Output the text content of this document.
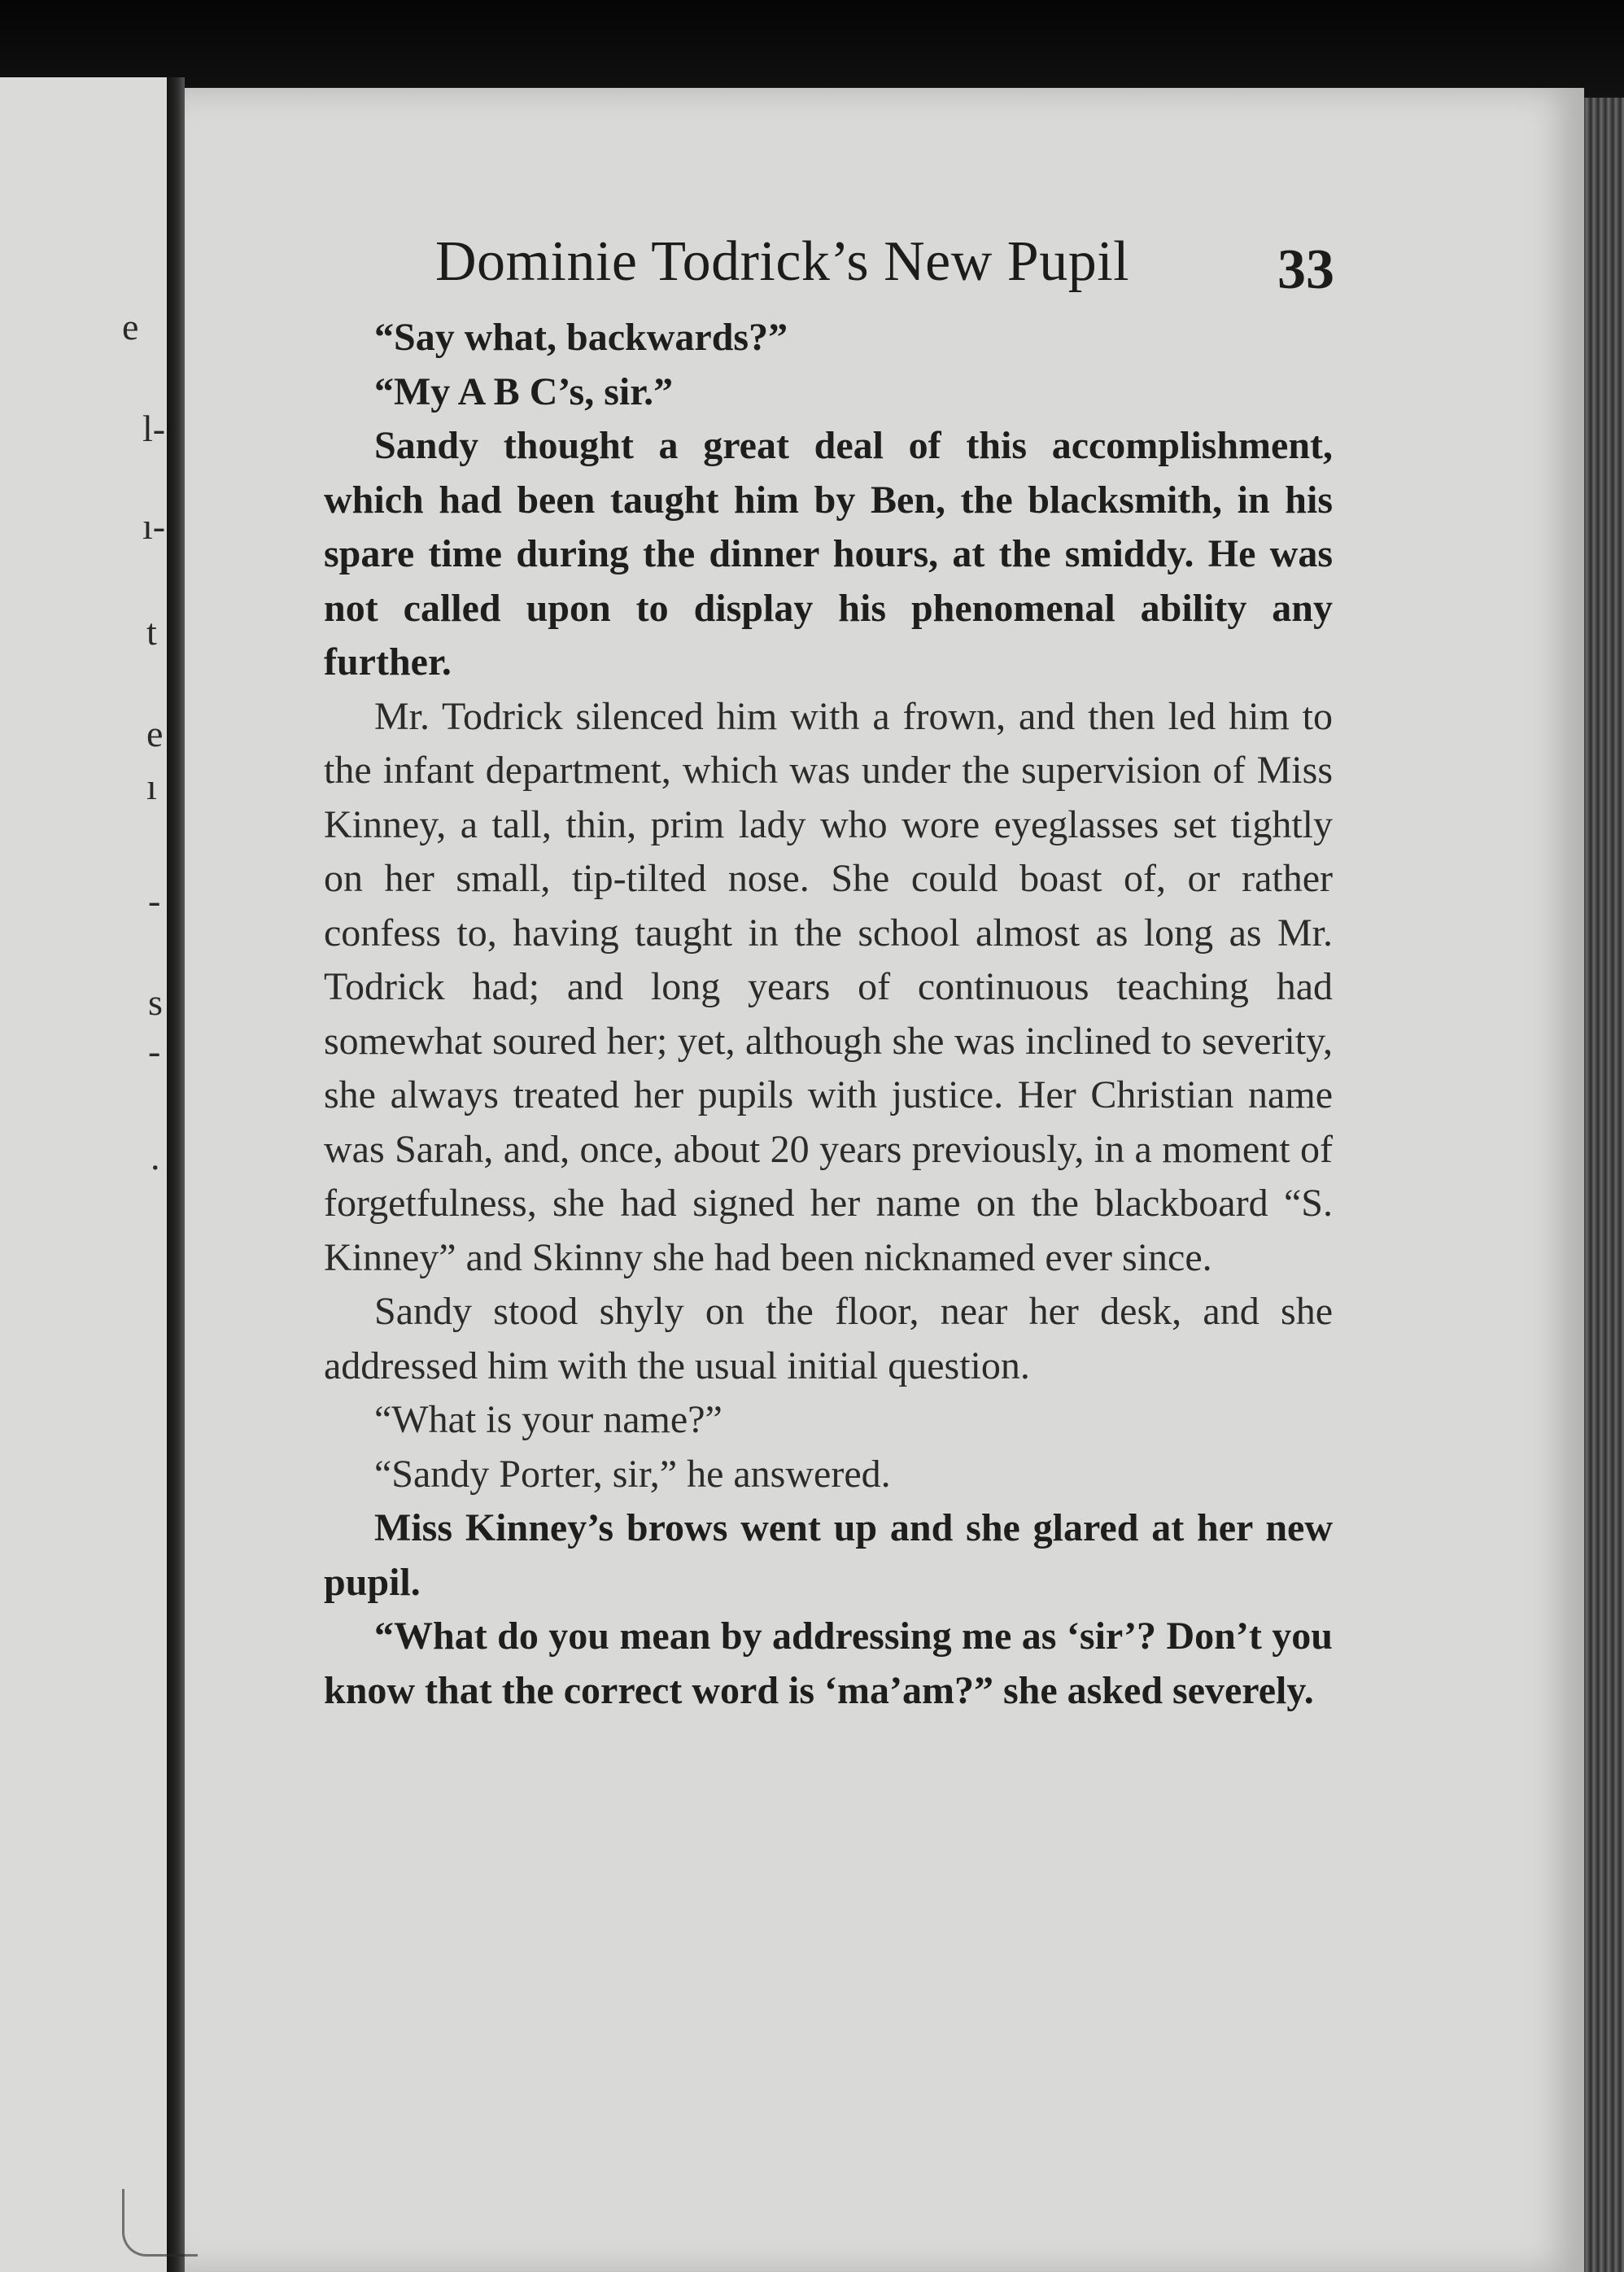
e
l-
ı-
t
e
ı
-
s
-
.
Dominie Todrick’s New Pupil	33

“Say what, backwards?”

“My A B C’s, sir.”

Sandy thought a great deal of this accomplishment, which had been taught him by Ben, the blacksmith, in his spare time during the dinner hours, at the smiddy. He was not called upon to display his phenomenal ability any further.

Mr. Todrick silenced him with a frown, and then led him to the infant department, which was under the supervision of Miss Kinney, a tall, thin, prim lady who wore eyeglasses set tightly on her small, tip-tilted nose. She could boast of, or rather confess to, having taught in the school almost as long as Mr. Todrick had; and long years of continuous teaching had somewhat soured her; yet, although she was inclined to severity, she always treated her pupils with justice. Her Christian name was Sarah, and, once, about 20 years previously, in a moment of forgetfulness, she had signed her name on the blackboard “S. Kinney” and Skinny she had been nicknamed ever since.

Sandy stood shyly on the floor, near her desk, and she addressed him with the usual initial question.

“What is your name?”

“Sandy Porter, sir,” he answered.

Miss Kinney’s brows went up and she glared at her new pupil.

“What do you mean by addressing me as ‘sir’? Don’t you know that the correct word is ‘ma’am?” she asked severely.
